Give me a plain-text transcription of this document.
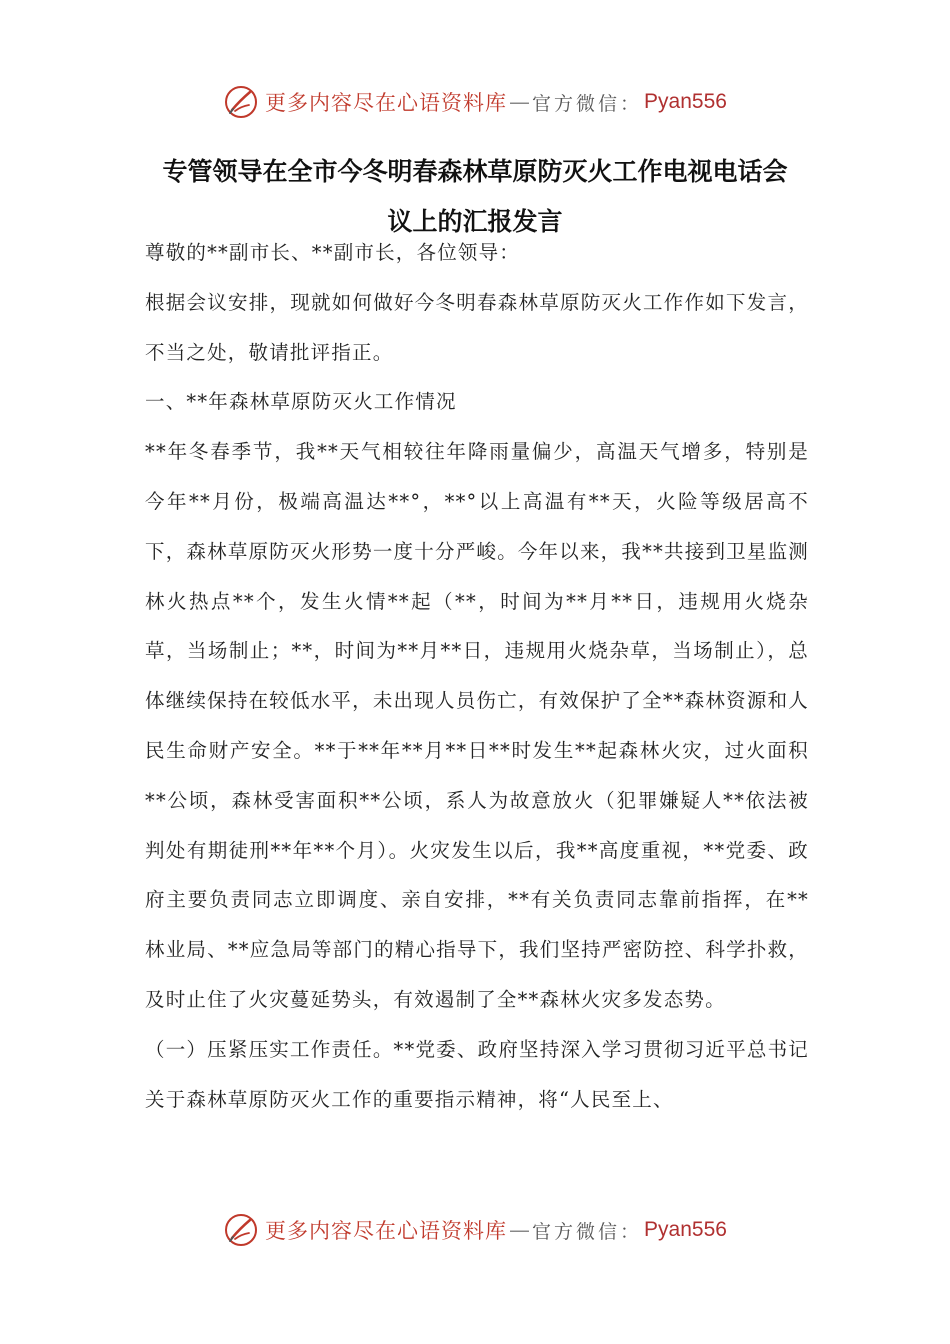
更多内容尽在心语资料库 — 官方微信： Pyan556
专管领导在全市今冬明春森林草原防灭火工作电视电话会
议上的汇报发言

尊敬的**副市长、**副市长，各位领导：

根据会议安排，现就如何做好今冬明春森林草原防灭火工作作如下发言，不当之处，敬请批评指正。

一、**年森林草原防灭火工作情况

**年冬春季节，我**天气相较往年降雨量偏少，高温天气增多，特别是今年**月份，极端高温达**°，**°以上高温有**天，火险等级居高不下，森林草原防灭火形势一度十分严峻。今年以来，我**共接到卫星监测林火热点**个，发生火情**起（**，时间为**月**日，违规用火烧杂草，当场制止；**，时间为**月**日，违规用火烧杂草，当场制止），总体继续保持在较低水平，未出现人员伤亡，有效保护了全**森林资源和人民生命财产安全。**于**年**月**日**时发生**起森林火灾，过火面积**公顷，森林受害面积**公顷，系人为故意放火（犯罪嫌疑人**依法被判处有期徒刑**年**个月）。火灾发生以后，我**高度重视，**党委、政府主要负责同志立即调度、亲自安排，**有关负责同志靠前指挥，在**林业局、**应急局等部门的精心指导下，我们坚持严密防控、科学扑救，及时止住了火灾蔓延势头，有效遏制了全**森林火灾多发态势。

（一）压紧压实工作责任。**党委、政府坚持深入学习贯彻习近平总书记关于森林草原防灭火工作的重要指示精神，将“人民至上、

更多内容尽在心语资料库 — 官方微信： Pyan556
